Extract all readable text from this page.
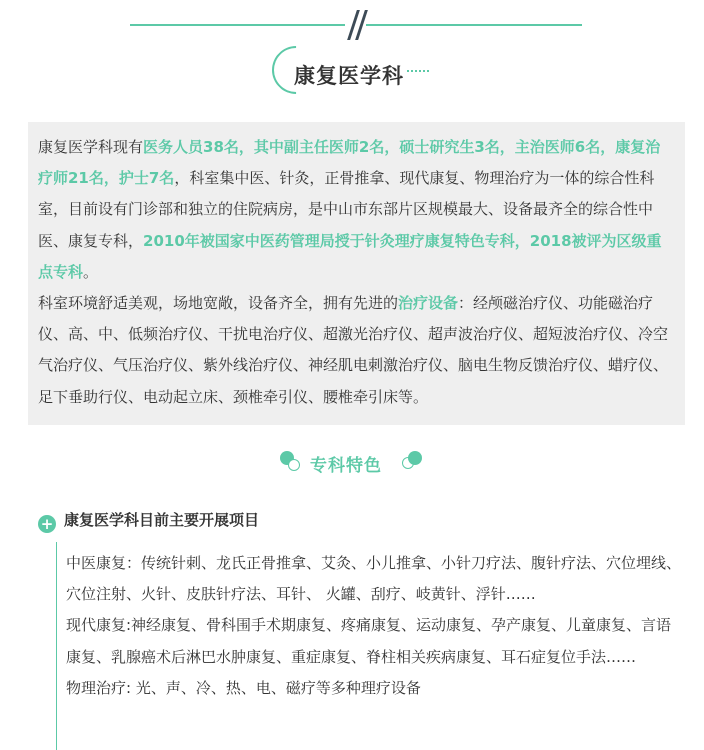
康复医学科

康复医学科现有医务人员38名，其中副主任医师2名，硕士研究生3名，主治医师6名，康复治疗师21名，护士7名，科室集中医、针灸，正骨推拿、现代康复、物理治疗为一体的综合性科室，目前设有门诊部和独立的住院病房，是中山市东部片区规模最大、设备最齐全的综合性中医、康复专科，2010年被国家中医药管理局授于针灸理疗康复特色专科，2018被评为区级重点专科。

科室环境舒适美观，场地宽敞，设备齐全，拥有先进的治疗设备：经颅磁治疗仪、功能磁治疗仪、高、中、低频治疗仪、干扰电治疗仪、超激光治疗仪、超声波治疗仪、超短波治疗仪、冷空气治疗仪、气压治疗仪、紫外线治疗仪、神经肌电刺激治疗仪、脑电生物反馈治疗仪、蜡疗仪、足下垂助行仪、电动起立床、颈椎牵引仪、腰椎牵引床等。

专科特色
+ 康复医学科目前主要开展项目

中医康复：传统针刺、龙氏正骨推拿、艾灸、小儿推拿、小针刀疗法、腹针疗法、穴位埋线、穴位注射、火针、皮肤针疗法、耳针、 火罐、刮疗、岐黄针、浮针……

现代康复:神经康复、骨科围手术期康复、疼痛康复、运动康复、孕产康复、儿童康复、言语康复、乳腺癌术后淋巴水肿康复、重症康复、脊柱相关疾病康复、耳石症复位手法……

物理治疗: 光、声、冷、热、电、磁疗等多种理疗设备
